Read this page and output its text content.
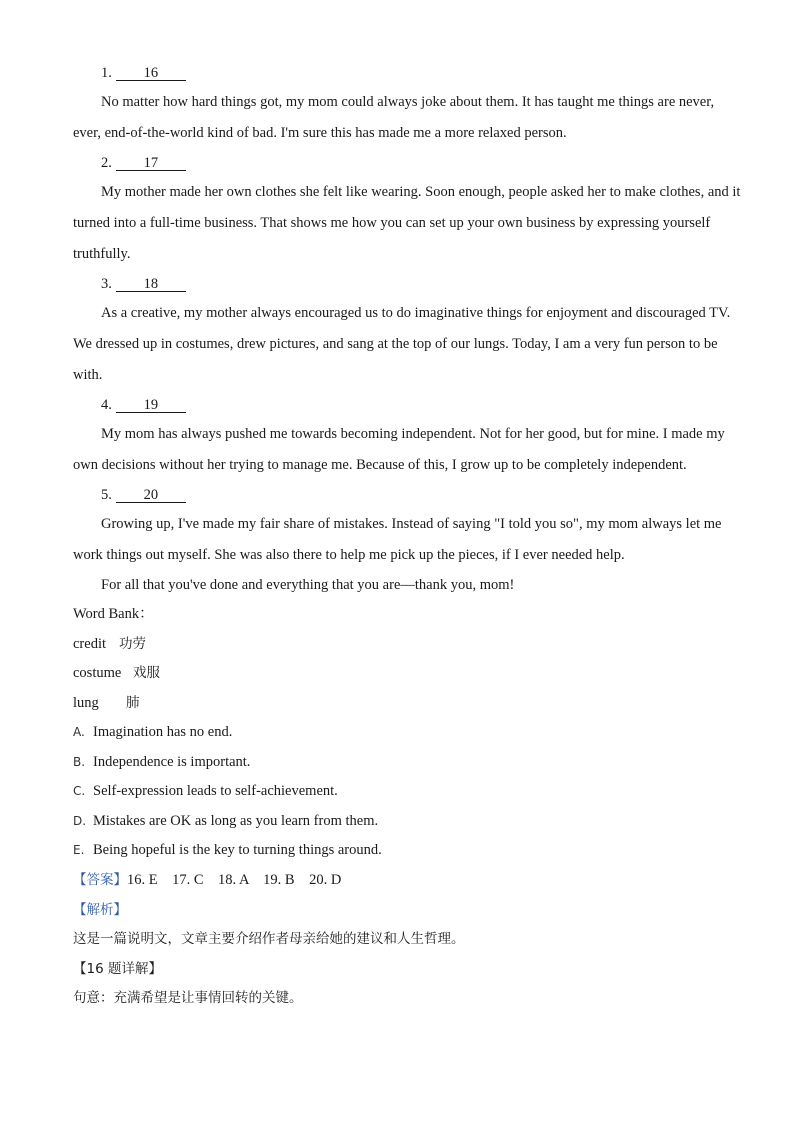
1. 16
No matter how hard things got, my mom could always joke about them. It has taught me things are never,
ever, end-of-the-world kind of bad. I'm sure this has made me a more relaxed person.
2. 17
My mother made her own clothes she felt like wearing. Soon enough, people asked her to make clothes, and it
turned into a full-time business. That shows me how you can set up your own business by expressing yourself
truthfully.
3. 18
As a creative, my mother always encouraged us to do imaginative things for enjoyment and discouraged TV.
We dressed up in costumes, drew pictures, and sang at the top of our lungs. Today, I am a very fun person to be
with.
4. 19
My mom has always pushed me towards becoming independent. Not for her good, but for mine. I made my
own decisions without her trying to manage me. Because of this, I grow up to be completely independent.
5. 20
Growing up, I've made my fair share of mistakes. Instead of saying "I told you so", my mom always let me
work things out myself. She was also there to help me pick up the pieces, if I ever needed help.
For all that you've done and everything that you are—thank you, mom!
Word Bank：
credit 功劳
costume 戏服
lung 肺
A. Imagination has no end.
B. Independence is important.
C. Self-expression leads to self-achievement.
D. Mistakes are OK as long as you learn from them.
E. Being hopeful is the key to turning things around.
【答案】16. E    17. C    18. A    19. B    20. D
【解析】
这是一篇说明文，文章主要介绍作者母亲给她的建议和人生哲理。
【16 题详解】
句意：充满希望是让事情回转的关键。
